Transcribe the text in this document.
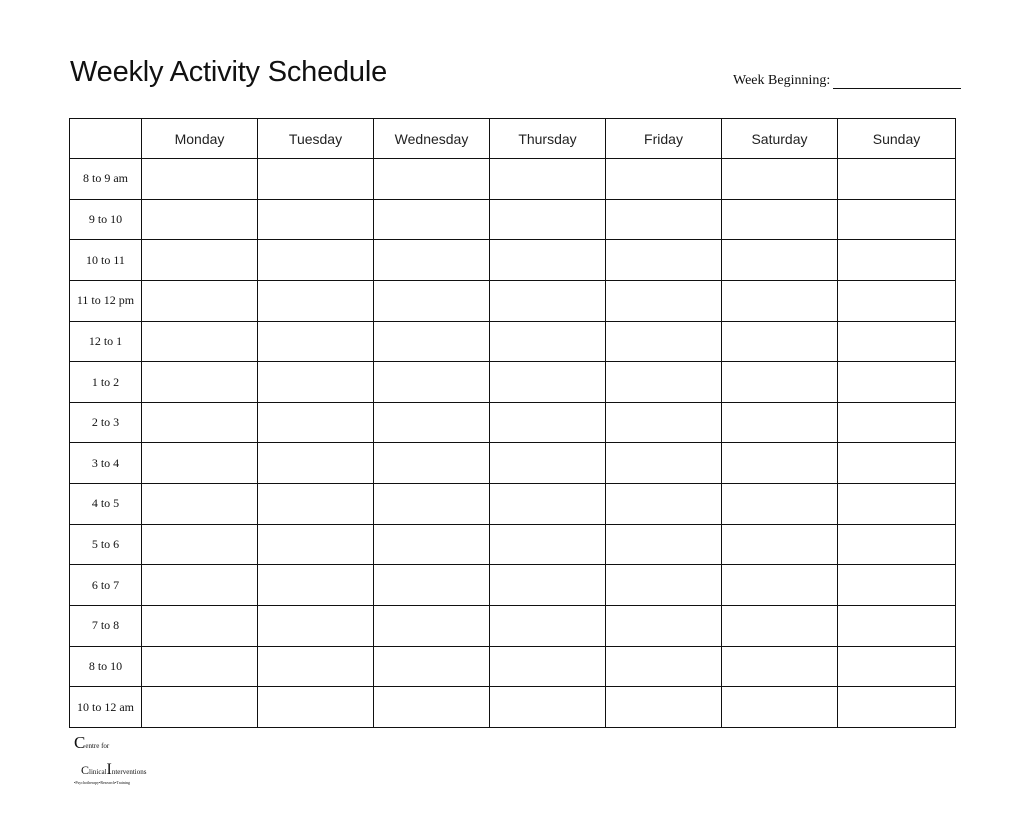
Weekly Activity Schedule	Week Beginning:
	Monday	Tuesday	Wednesday	Thursday	Friday	Saturday	Sunday
8 to 9 am							
9 to 10							
10 to 11							
11 to 12 pm							
12 to 1							
1 to 2							
2 to 3							
3 to 4							
4 to 5							
5 to 6							
6 to 7							
7 to 8							
8 to 10							
10 to 12 am							
Centre for
ClinicalInterventions
•Psychotherapy•Research•Training
